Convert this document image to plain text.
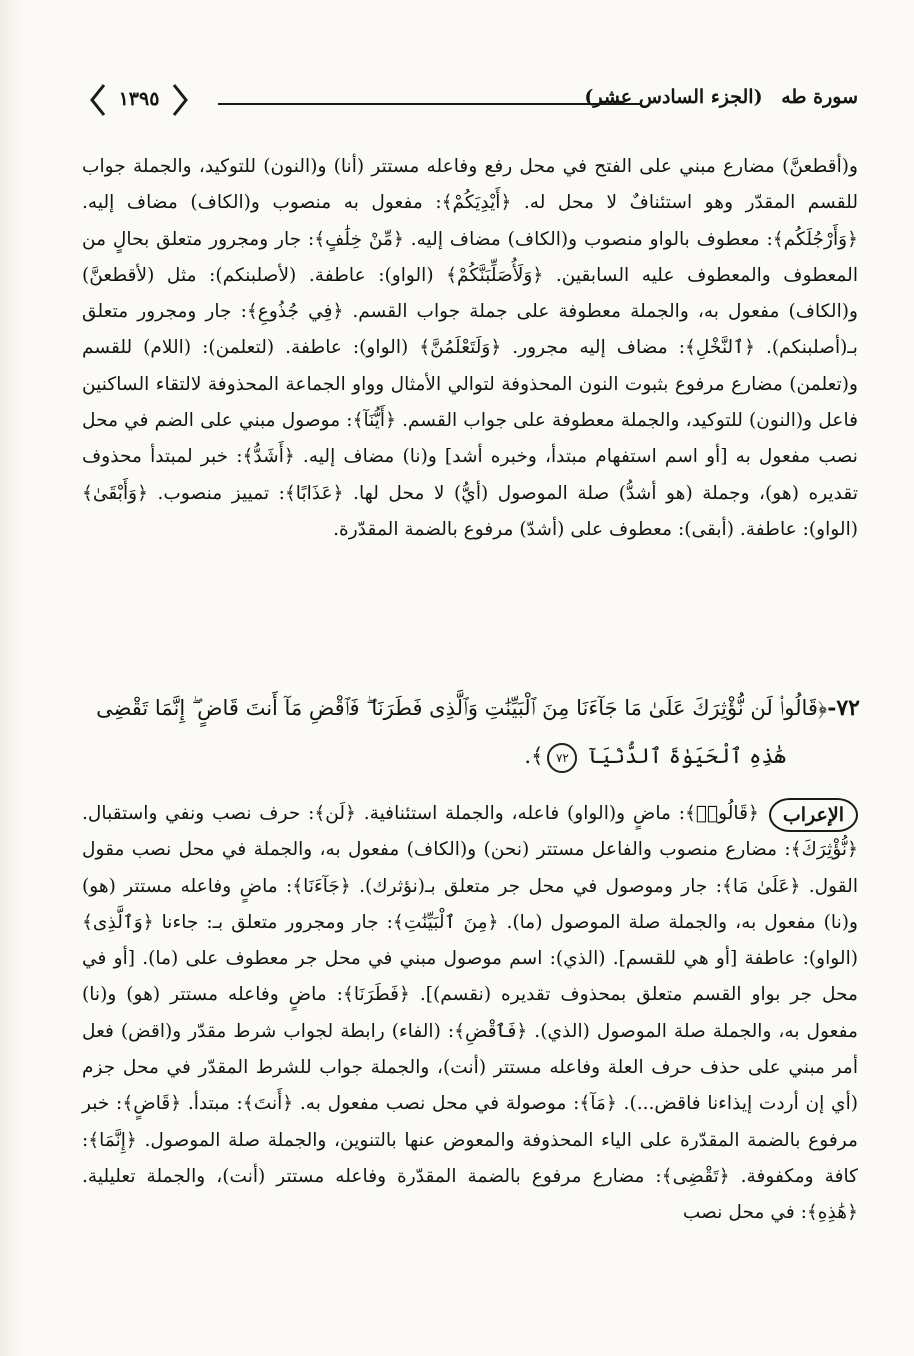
سورة طه (الجزء السادس عشر)
١٣٩٥
و(أقطعنَّ) مضارع مبني على الفتح في محل رفع وفاعله مستتر (أنا) و(النون) للتوكيد، والجملة جواب للقسم المقدّر وهو استئنافٌ لا محل له. ﴿أَيْدِيَكُمْ﴾: مفعول به منصوب و(الكاف) مضاف إليه. ﴿وَأَرْجُلَكُم﴾: معطوف بالواو منصوب و(الكاف) مضاف إليه. ﴿مِّنْ خِلَٰفٍ﴾: جار ومجرور متعلق بحالٍ من المعطوف والمعطوف عليه السابقين. ﴿وَلَأُصَلِّبَنَّكُمْ﴾ (الواو): عاطفة. (لأصلبنكم): مثل (لأقطعنَّ) و(الكاف) مفعول به، والجملة معطوفة على جملة جواب القسم. ﴿فِي جُذُوعِ﴾: جار ومجرور متعلق بـ(أصلبنكم). ﴿ٱلنَّخْلِ﴾: مضاف إليه مجرور. ﴿وَلَتَعْلَمُنَّ﴾ (الواو): عاطفة. (لتعلمن): (اللام) للقسم و(تعلمن) مضارع مرفوع بثبوت النون المحذوفة لتوالي الأمثال وواو الجماعة المحذوفة لالتقاء الساكنين فاعل و(النون) للتوكيد، والجملة معطوفة على جواب القسم. ﴿أَيُّنَآ﴾: موصول مبني على الضم في محل نصب مفعول به [أو اسم استفهام مبتدأ، وخبره أشد] و(نا) مضاف إليه. ﴿أَشَدُّ﴾: خبر لمبتدأ محذوف تقديره (هو)، وجملة (هو أشدُّ) صلة الموصول (أيُّ) لا محل لها. ﴿عَذَابًا﴾: تمييز منصوب. ﴿وَأَبْقَىٰ﴾ (الواو): عاطفة. (أبقى): معطوف على (أشدّ) مرفوع بالضمة المقدّرة.
٧٢-﴿قَالُوا۟ لَن نُّؤْثِرَكَ عَلَىٰ مَا جَآءَنَا مِنَ ٱلْبَيِّنَٰتِ وَٱلَّذِى فَطَرَنَا ۖ فَٱقْضِ مَآ أَنتَ قَاضٍ ۖ إِنَّمَا تَقْضِى
هَٰذِهِ ٱلْحَيَوٰةَ ٱلدُّنْيَآ ٧٢﴾.
الإعراب
﴿قَالُوا۟﴾: ماضٍ و(الواو) فاعله، والجملة استئنافية. ﴿لَن﴾: حرف نصب ونفي واستقبال. ﴿نُّؤْثِرَكَ﴾: مضارع منصوب والفاعل مستتر (نحن) و(الكاف) مفعول به، والجملة في محل نصب مقول القول. ﴿عَلَىٰ مَا﴾: جار وموصول في محل جر متعلق بـ(نؤثرك). ﴿جَآءَنَا﴾: ماضٍ وفاعله مستتر (هو) و(نا) مفعول به، والجملة صلة الموصول (ما). ﴿مِنَ ٱلْبَيِّنَٰتِ﴾: جار ومجرور متعلق بـ: جاءنا ﴿وَٱلَّذِى﴾ (الواو): عاطفة [أو هي للقسم]. (الذي): اسم موصول مبني في محل جر معطوف على (ما). [أو في محل جر بواو القسم متعلق بمحذوف تقديره (نقسم)]. ﴿فَطَرَنَا﴾: ماضٍ وفاعله مستتر (هو) و(نا) مفعول به، والجملة صلة الموصول (الذي). ﴿فَٱقْضِ﴾: (الفاء) رابطة لجواب شرط مقدّر و(اقض) فعل أمر مبني على حذف حرف العلة وفاعله مستتر (أنت)، والجملة جواب للشرط المقدّر في محل جزم (أي إن أردت إيذاءنا فاقض...). ﴿مَآ﴾: موصولة في محل نصب مفعول به. ﴿أَنتَ﴾: مبتدأ. ﴿قَاضٍ﴾: خبر مرفوع بالضمة المقدّرة على الياء المحذوفة والمعوض عنها بالتنوين، والجملة صلة الموصول. ﴿إِنَّمَا﴾: كافة ومكفوفة. ﴿تَقْضِى﴾: مضارع مرفوع بالضمة المقدّرة وفاعله مستتر (أنت)، والجملة تعليلية. ﴿هَٰذِهِ﴾: في محل نصب
